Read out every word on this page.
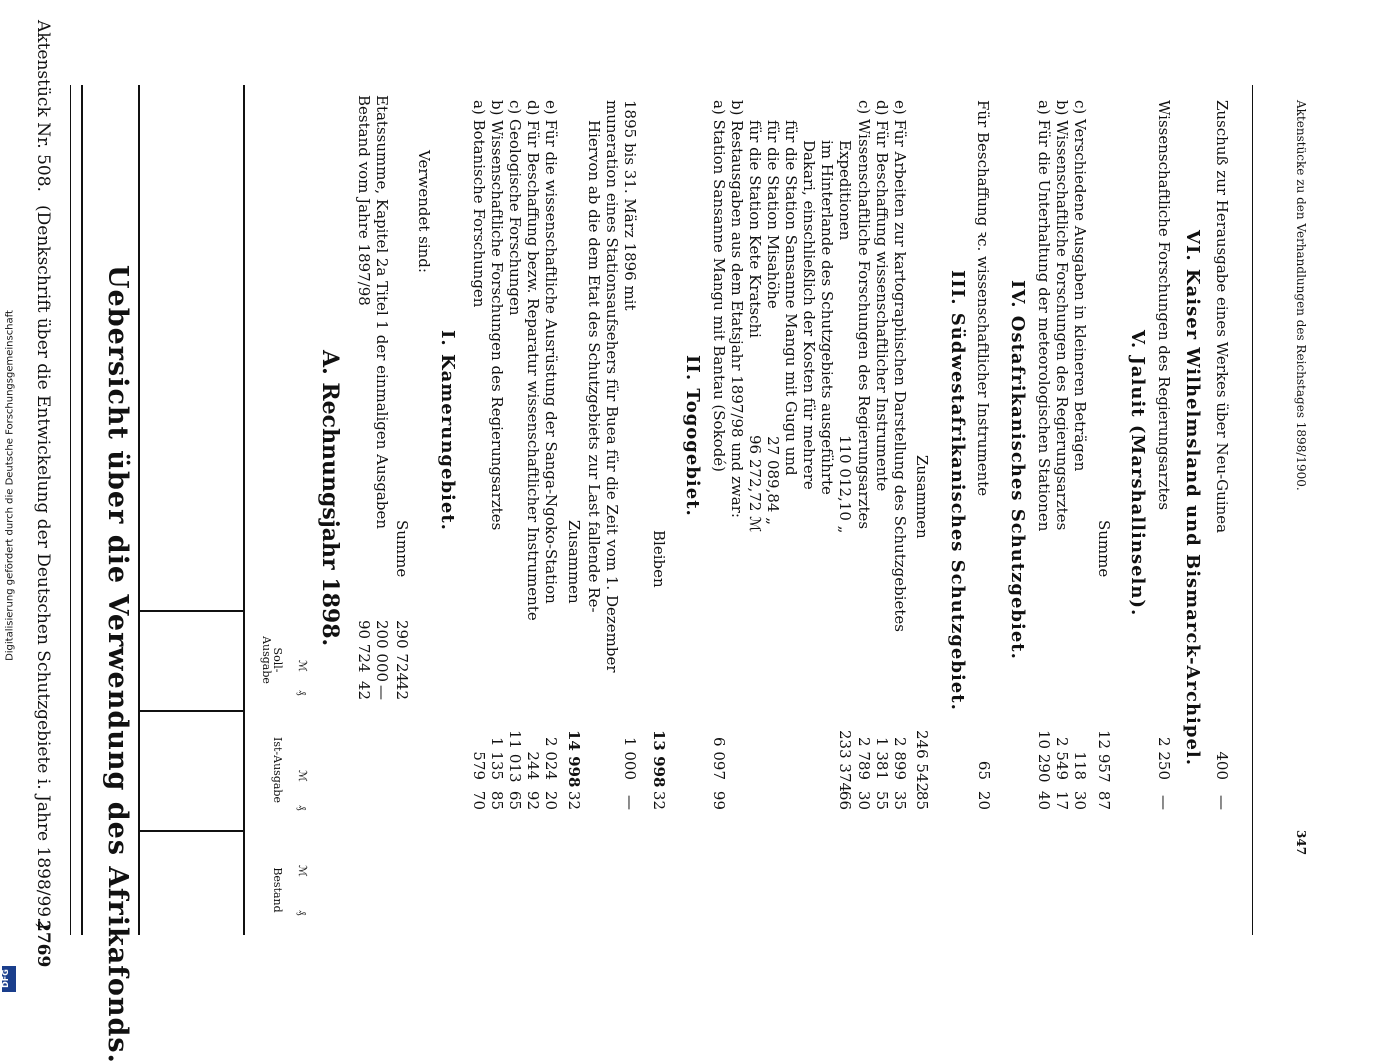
Aktenstück Nr. 508.
(Denkschrift über die Entwickelung der Deutschen Schutzgebiete i. Jahre 1898/99.)
2769 Uebersicht über die Verwendung des Afrikafonds.	Soll-Ausgabe
Ist-Ausgabe
Bestand
ℳ
₰
ℳ
₰
ℳ
₰
A. Rechnungsjahr 1898.
Bestand vom Jahre 1897/98
90 724
42
Etatssumme, Kapitel 2a Titel 1 der einmaligen Ausgaben
200 000
—
Summe
290 724
42
Verwendet sind:
I. Kamerungebiet.
a) Botanische Forschungen
579
70
b) Wissenschaftliche Forschungen des Regierungsarztes
1 135
85
c) Geologische Forschungen
11 013
65
d) Für Beschaffung bezw. Reparatur wissenschaftlicher Instrumente
244
92
e) Für die wissenschaftliche Ausrüstung der Sanga-Ngoko-Station
2 024
20
Zusammen
14 998
32
Hiervon ab die dem Etat des Schutzgebiets zur Last fallende Re- muneration eines Stationsaufsehers für Buea für die Zeit vom 1. Dezember 1895 bis 31. März 1896 mit
1 000
—
Bleiben
13 998
32
II. Togogebiet. a) Station Sansanne Mangu mit Bantau (Sokodé)
6 097
99
b) Restausgaben aus dem Etatsjahr 1897/98 und zwar: für die Station Kete Kratschi
96 272,72 ℳ
für die Station Misahöhe
27 089,84 „
für die Station Sansanne Mangu mit Gugu und Dakari, einschließlich der Kosten für mehrere im Hinterlande des Schutzgebiets ausgeführte Expeditionen
110 012,10 „
233 374
66
c) Wissenschaftliche Forschungen des Regierungsarztes
2 789
30
d) Für Beschaffung wissenschaftlicher Instrumente
1 381
55
e) Für Arbeiten zur kartographischen Darstellung des Schutzgebietes
2 899
35
Zusammen
246 542
85
III. Südwestafrikanisches Schutzgebiet. Für Beschaffung ꝛc. wissenschaftlicher Instrumente
65
20
IV. Ostafrikanisches Schutzgebiet. a) Für die Unterhaltung der meteorologischen Stationen
10 290
40
b) Wissenschaftliche Forschungen des Regierungsarztes
2 549
17
c) Verschiedene Ausgaben in kleineren Beträgen
118
30
Summe
12 957
87
V. Jaluit (Marshallinseln). Wissenschaftliche Forschungen des Regierungsarztes
2 250
—
VI. Kaiser Wilhelmsland und Bismarck-Archipel. Zuschuß zur Herausgabe eines Werkes über Neu-Guinea
400
—
Aktenstücke zu den Verhandlungen des Reichstages 1898/1900.
347
Digitalisierung gefördert durch die Deutsche Forschungsgemeinschaft
DFG
